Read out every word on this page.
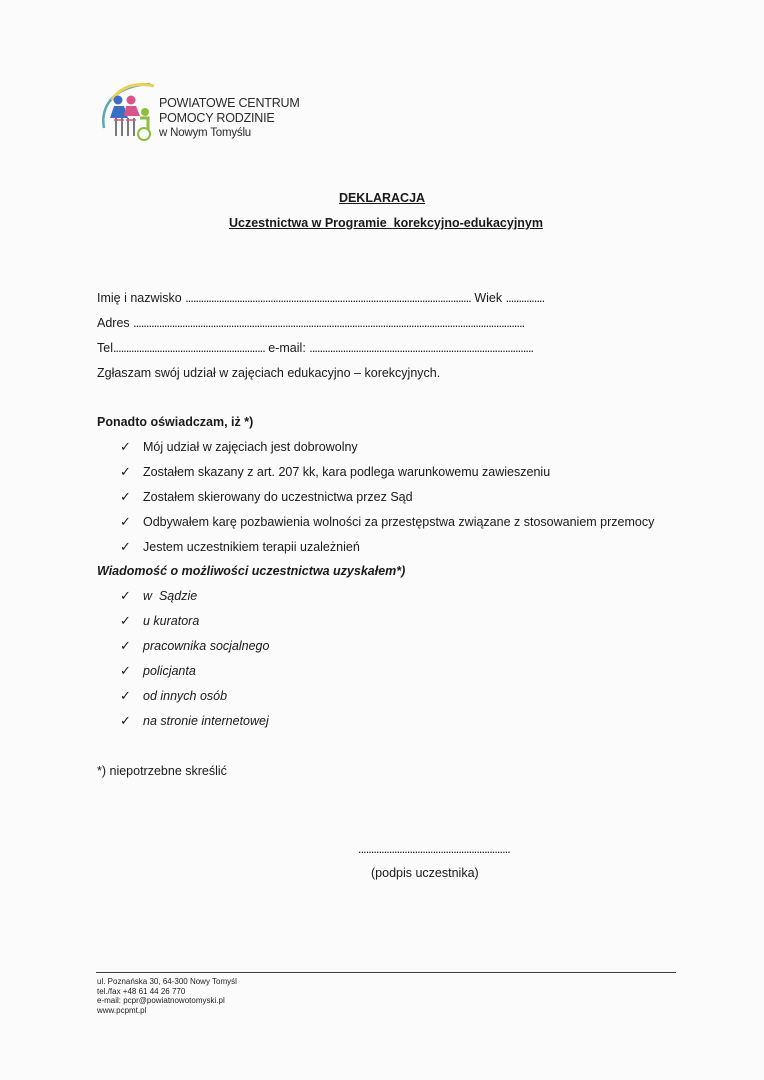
POWIATOWE CENTRUM
POMOCY RODZINIE
w Nowym Tomyślu
DEKLARACJA
Uczestnictwa w Programie  korekcyjno-edukacyjnym
Imię i nazwisko ............................................................................................................... Wiek ...............
Adres ........................................................................................................................................................
Tel........................................................... e-mail: .......................................................................................
Zgłaszam swój udział w zajęciach edukacyjno – korekcyjnych.
Ponadto oświadczam, iż *)
✓ Mój udział w zajęciach jest dobrowolny
✓ Zostałem skazany z art. 207 kk, kara podlega warunkowemu zawieszeniu
✓ Zostałem skierowany do uczestnictwa przez Sąd
✓ Odbywałem karę pozbawienia wolności za przestępstwa związane z stosowaniem przemocy
✓ Jestem uczestnikiem terapii uzależnień
Wiadomość o możliwości uczestnictwa uzyskałem*)
✓ w  Sądzie
✓ u kuratora
✓ pracownika socjalnego
✓ policjanta
✓ od innych osób
✓ na stronie internetowej
*) niepotrzebne skreślić
...........................................................
(podpis uczestnika)
ul. Poznańska 30, 64-300 Nowy Tomyśl
tel./fax +48 61 44 26 770
e-mail: pcpr@powiatnowotomyski.pl
www.pcpmt.pl
